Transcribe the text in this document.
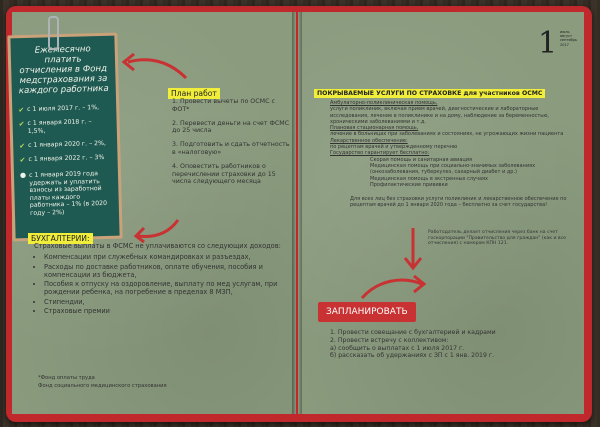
Ежемесячно платить отчисления в Фонд медстрахования за каждого работника
✔ с 1 июля 2017 г. – 1%,
✔ с 1 января 2018 г. – 1,5%,
✔ с 1 января 2020 г. – 2%,
✔ с 1 января 2022 г. – 3%
● с 1 января 2019 года удержать и уплатить взносы из заработной платы каждого работника – 1% (в 2020 году – 2%)
План работ
1. Провести вычеты по ОСМС с ФОТ*
2. Перевести деньги на счет ФСМС до 25 числа
3. Подготовить и сдать отчетность в «налоговую»
4. Оповестить работников о перечислении страховки до 15 числа следующего месяца
БУХГАЛТЕРИИ:
Страховые выплаты в ФСМС не уплачиваются со следующих доходов:
• Компенсации при служебных командировках и разъездах,
• Расходы по доставке работников, оплате обучения, пособия и компенсации из бюджета,
• Пособия к отпуску на оздоровление, выплату по мед услугам, при рождении ребенка, на погребение в пределах 8 МЗП,
• Стипендии,
• Страховые премии
*Фонд оплаты труда
Фонд социального медицинского страхования
1 июль август сентябрь 2017
ПОКРЫВАЕМЫЕ УСЛУГИ ПО СТРАХОВКЕ для участников ОСМС
Амбулаторно-поликлиническая помощь,
услуги поликлиник, включая прием врачей, диагностические и лабораторные исследования, лечение в поликлинике и на дому, наблюдение за беременностью, хроническими заболеваниями и т.д.
Плановая стационарная помощь,
лечение в больницах при заболеваниях и состояниях, не угрожающих жизни пациента
Лекарственное обеспечение:
по рецептам врачей и утвержденному перечню
Государство гарантирует бесплатно:
Скорая помощь и санитарная авиация
Медицинская помощь при социально-значимых заболеваниях (онкозаболевания, туберкулез, сахарный диабет и др.)
Медицинская помощь в экстренных случаях
Профилактические прививки
Для всех лиц без страховки услуги поликлиник и лекарственное обеспечение по рецептам врачей до 1 января 2020 года – бесплатно за счет государства!
Работодатель делает отчисления через банк на счет госкорпорации "Правительство для граждан" (как и все отчисления) с номером КПН 121.
ЗАПЛАНИРОВАТЬ
1. Провести совещание с бухгалтерией и кадрами
2. Провести встречу с коллективом:
а) сообщить о выплатах с 1 июля 2017 г.
б) рассказать об удержаниях с ЗП с 1 янв. 2019 г.
